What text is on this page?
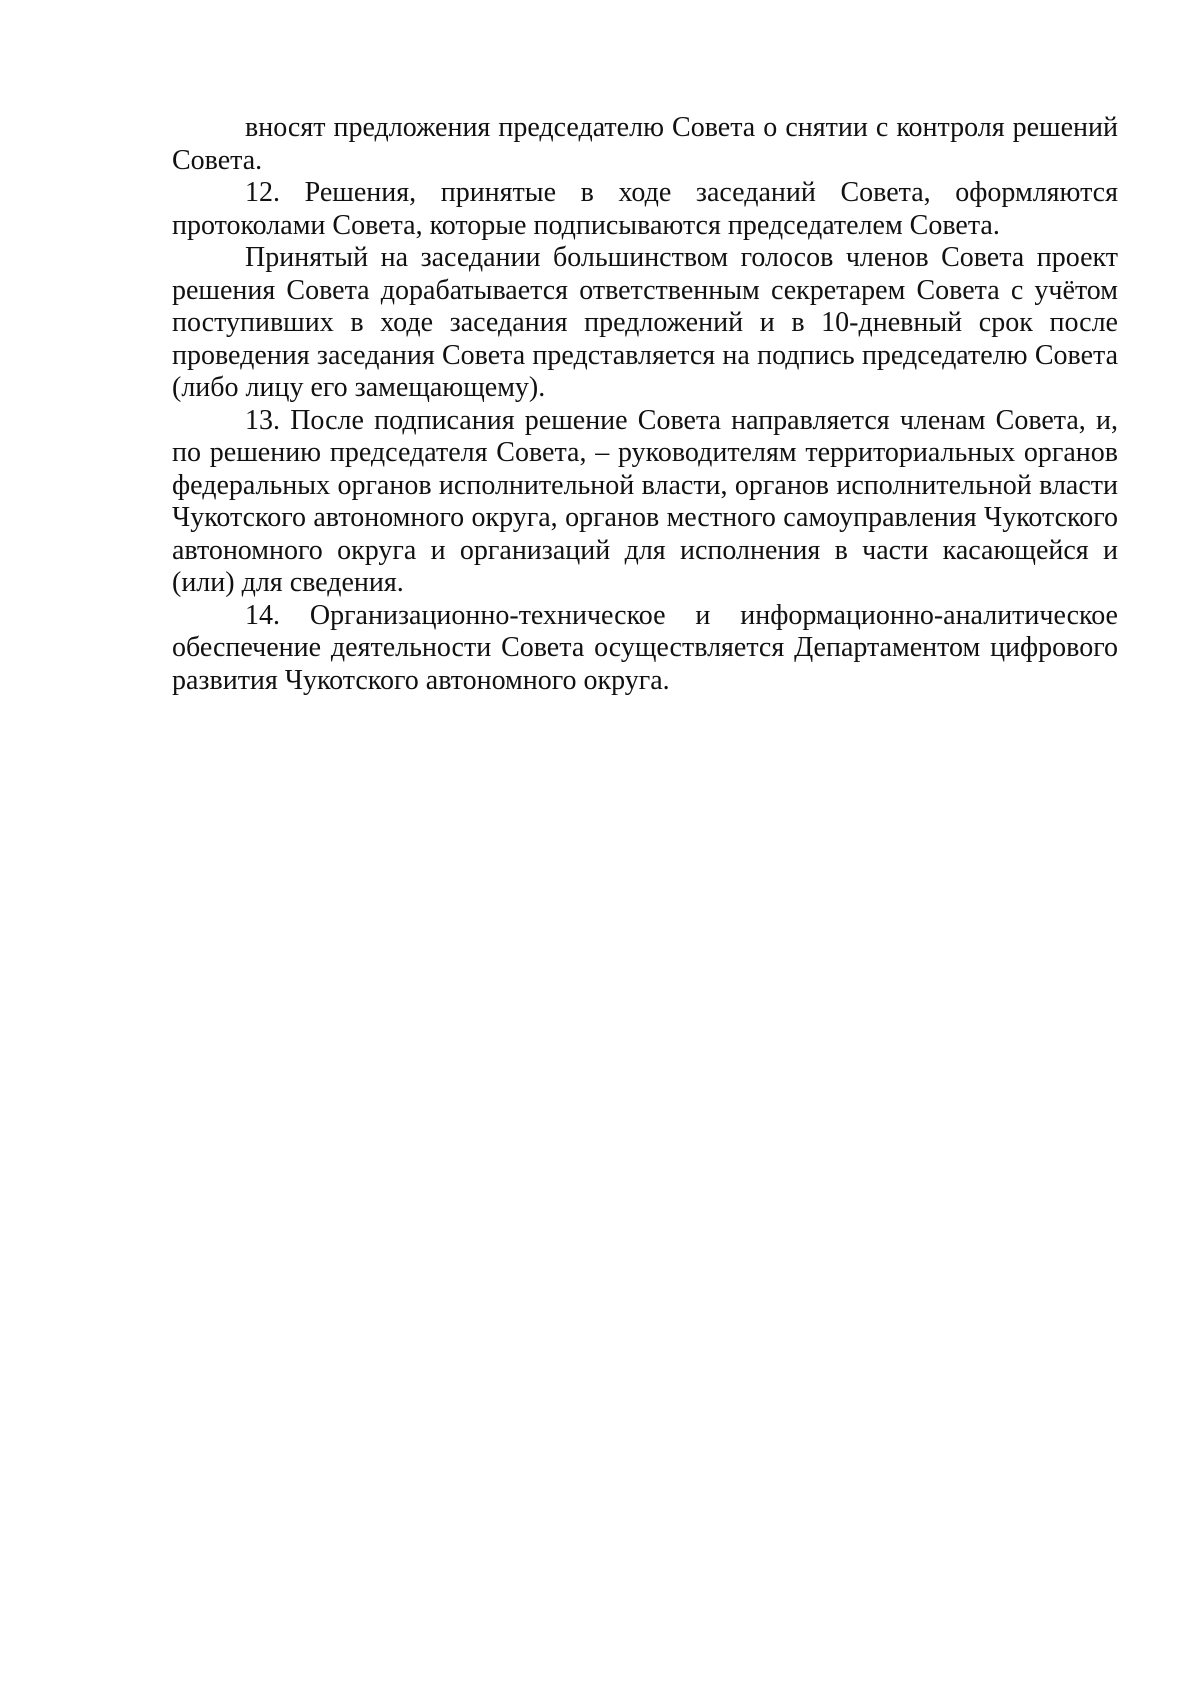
вносят предложения председателю Совета о снятии с контроля решений Совета.

12. Решения, принятые в ходе заседаний Совета, оформляются протоколами Совета, которые подписываются председателем Совета.

Принятый на заседании большинством голосов членов Совета проект решения Совета дорабатывается ответственным секретарем Совета с учётом поступивших в ходе заседания предложений и в 10-дневный срок после проведения заседания Совета представляется на подпись председателю Совета (либо лицу его замещающему).

13. После подписания решение Совета направляется членам Совета, и, по решению председателя Совета, – руководителям территориальных органов федеральных органов исполнительной власти, органов исполнительной власти Чукотского автономного округа, органов местного самоуправления Чукотского автономного округа и организаций для исполнения в части касающейся и (или) для сведения.

14. Организационно-техническое и информационно-аналитическое обеспечение деятельности Совета осуществляется Департаментом цифрового развития Чукотского автономного округа.
